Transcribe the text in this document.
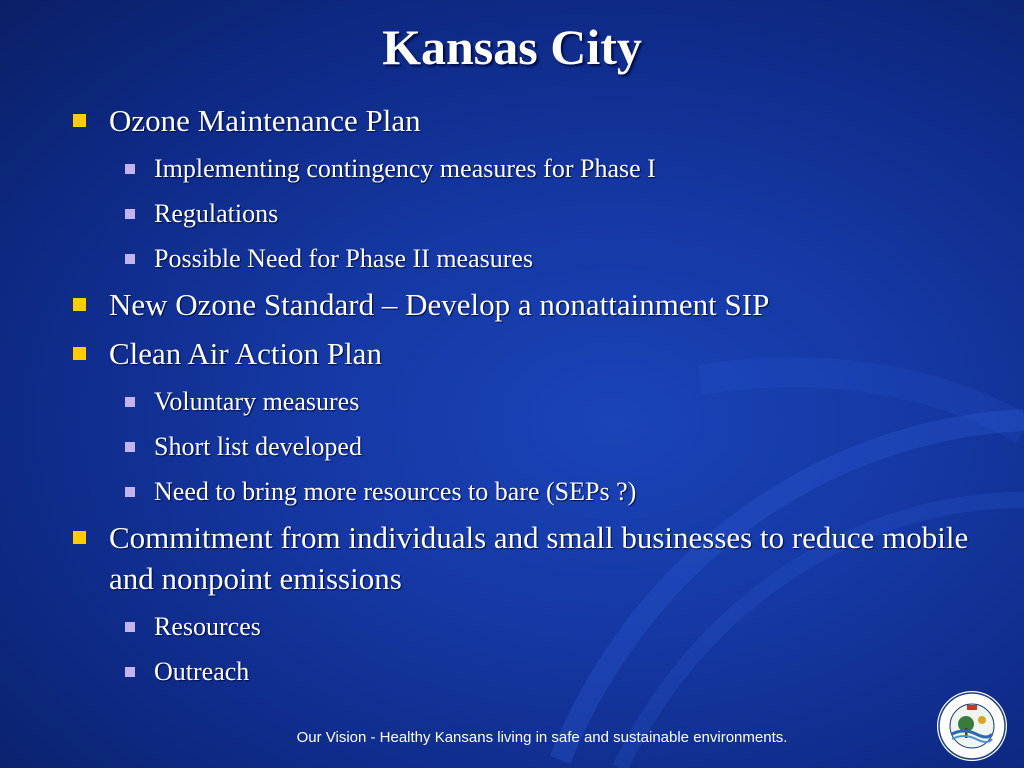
Kansas City
Ozone Maintenance Plan
Implementing contingency measures for Phase I
Regulations
Possible Need for Phase II measures
New Ozone Standard – Develop a nonattainment SIP
Clean Air Action Plan
Voluntary measures
Short list developed
Need to bring more resources to bare (SEPs ?)
Commitment from individuals and small businesses to reduce mobile and nonpoint emissions
Resources
Outreach
Our Vision - Healthy Kansans living in safe and sustainable environments.
